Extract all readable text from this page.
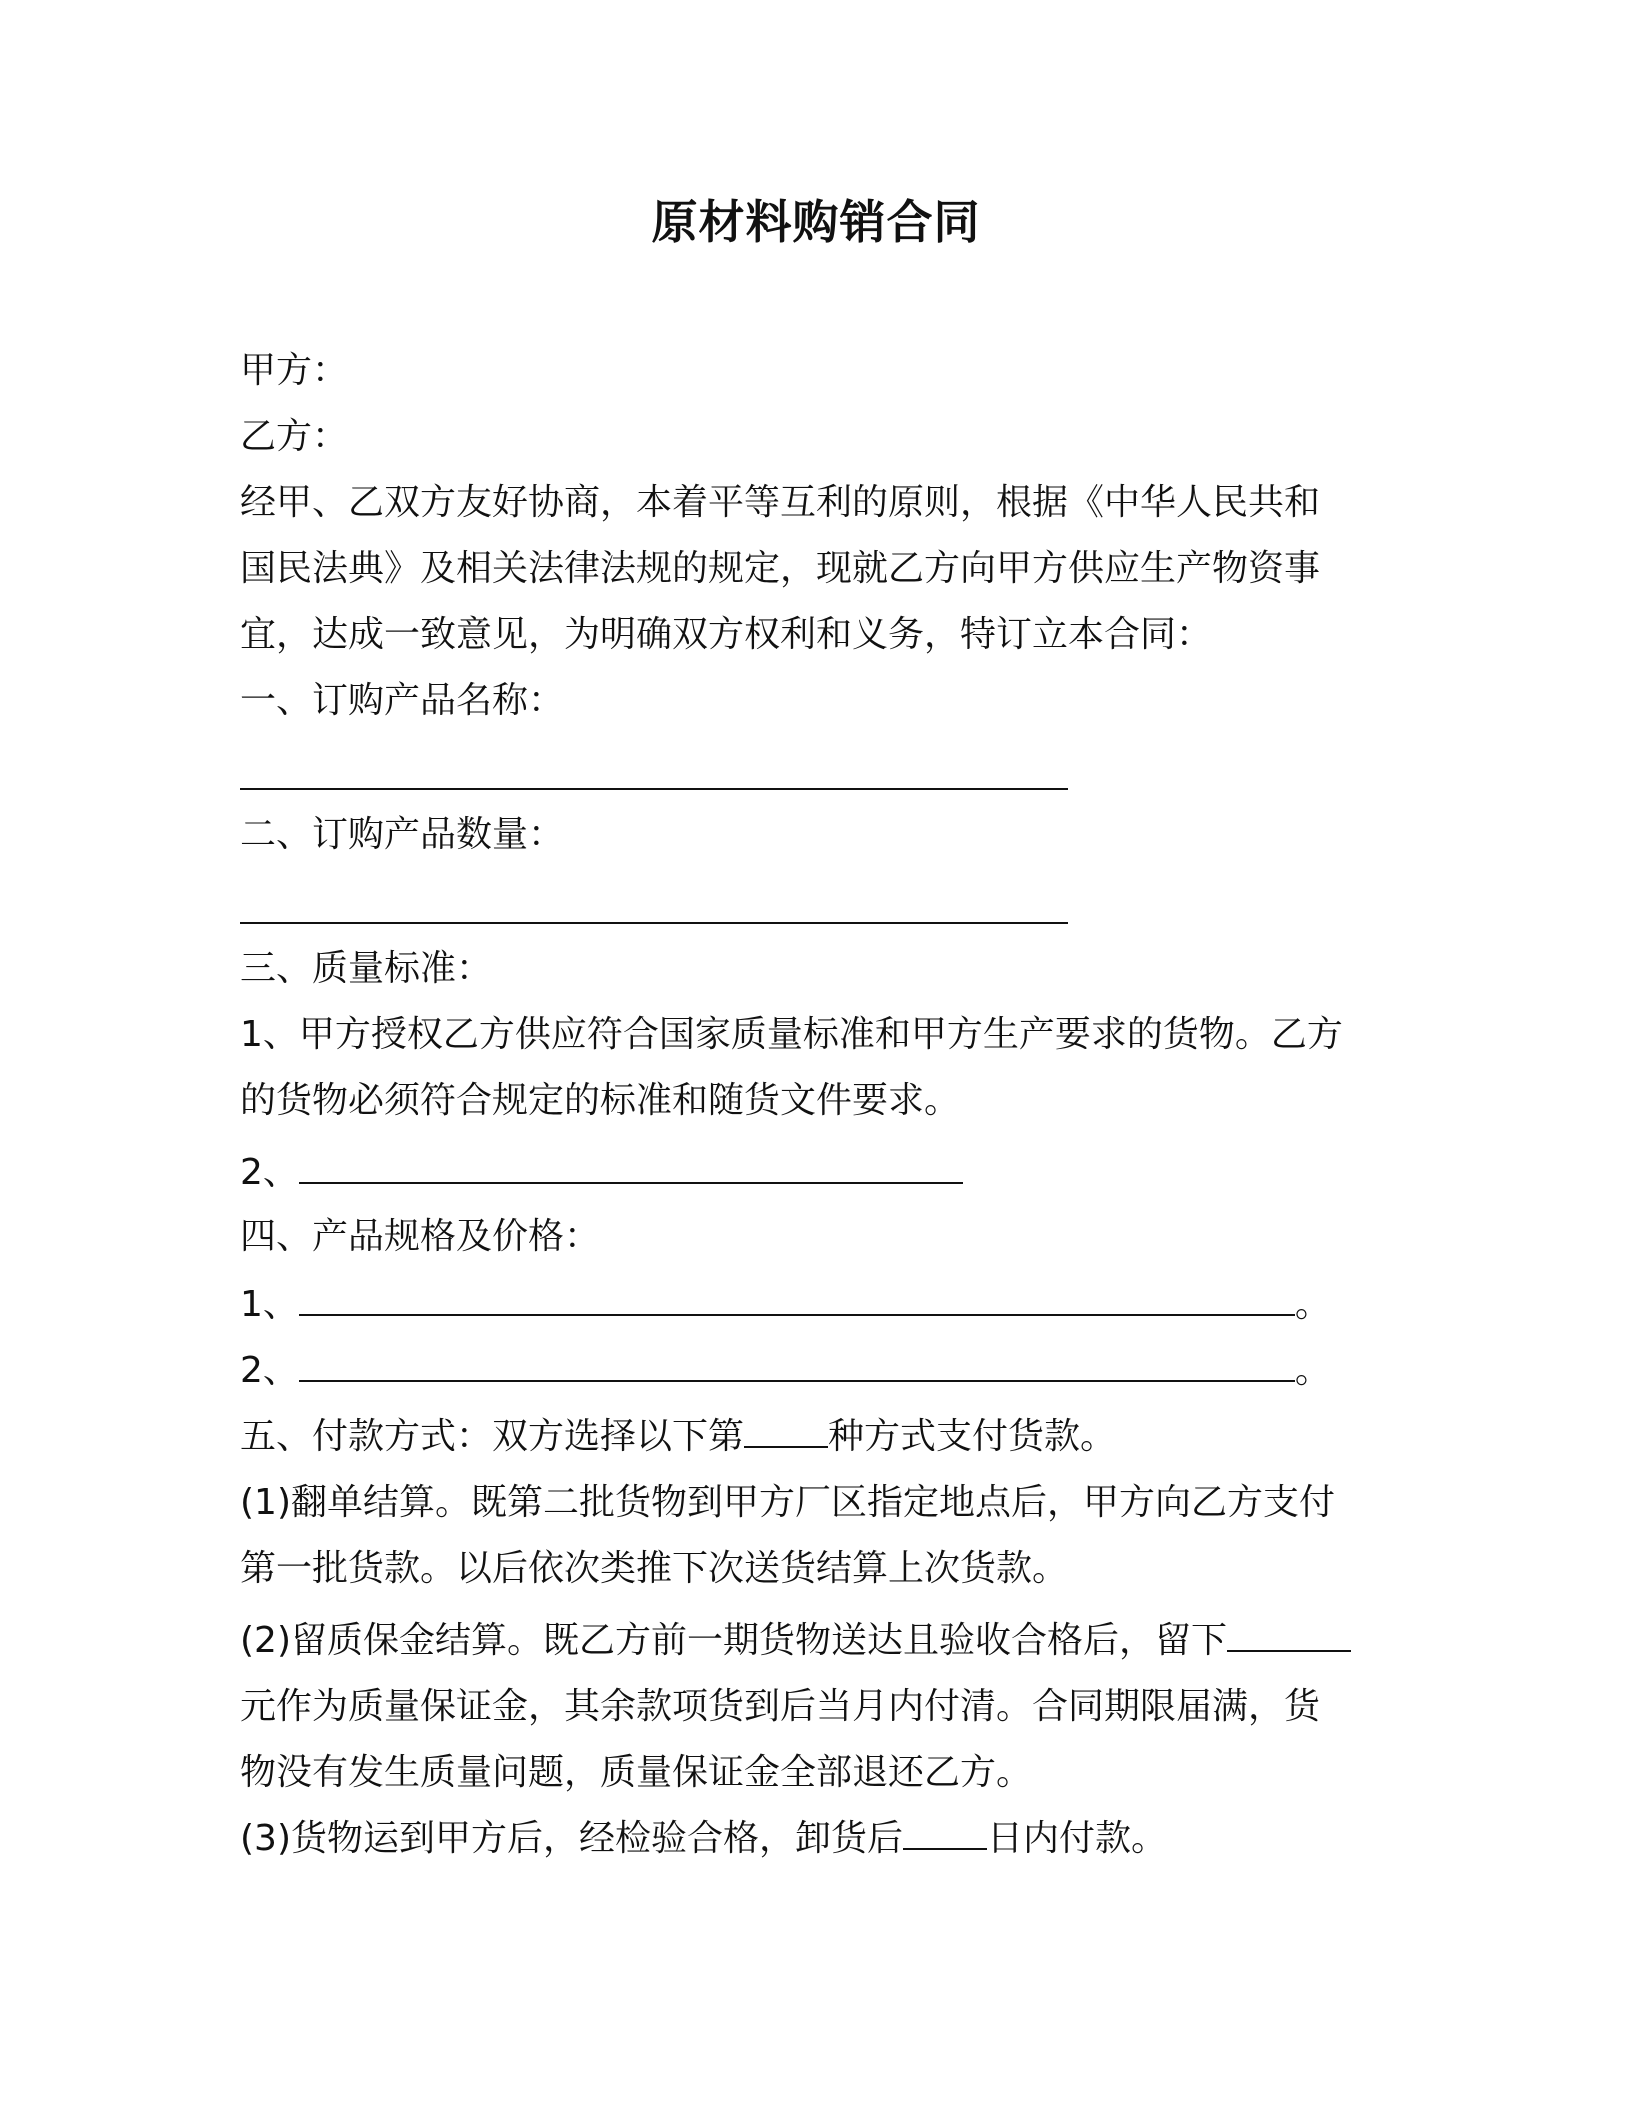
原材料购销合同
甲方：
乙方：
经甲、乙双方友好协商，本着平等互利的原则，根据《中华人民共和
国民法典》及相关法律法规的规定，现就乙方向甲方供应生产物资事
宜，达成一致意见，为明确双方权利和义务，特订立本合同：
一、订购产品名称：
二、订购产品数量：
三、质量标准：
1、甲方授权乙方供应符合国家质量标准和甲方生产要求的货物。乙方
的货物必须符合规定的标准和随货文件要求。
2、
四、产品规格及价格：
1、	。
2、	。
五、付款方式：双方选择以下第 种方式支付货款。
(1)翻单结算。既第二批货物到甲方厂区指定地点后，甲方向乙方支付
第一批货款。以后依次类推下次送货结算上次货款。
(2)留质保金结算。既乙方前一期货物送达且验收合格后，留下
元作为质量保证金，其余款项货到后当月内付清。合同期限届满，货
物没有发生质量问题，质量保证金全部退还乙方。
(3)货物运到甲方后，经检验合格，卸货后 日内付款。
